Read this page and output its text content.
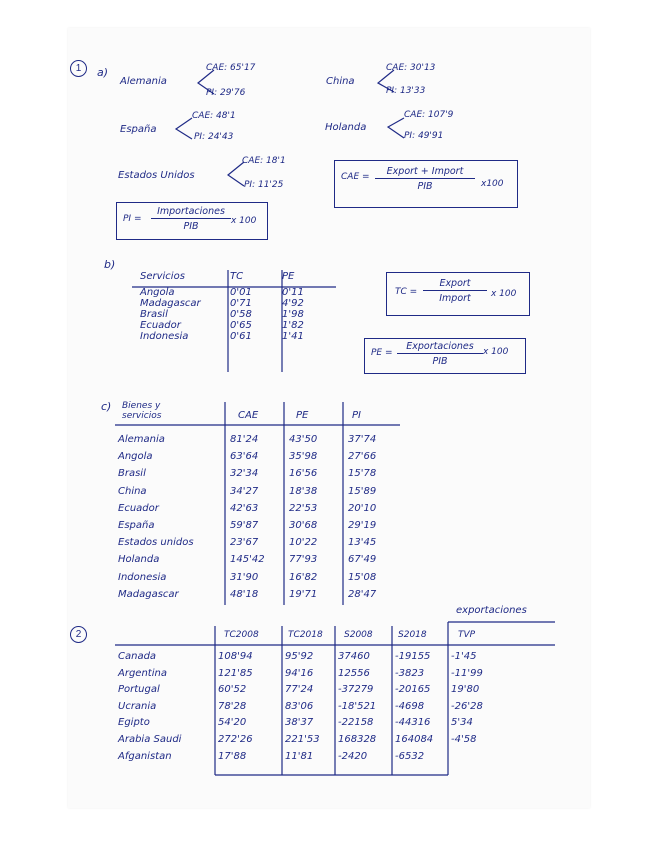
1
2
a)
Alemania
CAE: 65'17
PI: 29'76
China
CAE: 30'13
PI: 13'33
España
CAE: 48'1
PI: 24'43
Holanda
CAE: 107'9
PI: 49'91
Estados Unidos
CAE: 18'1
PI: 11'25
CAE =	Export + Import
PIB	x100
PI =
Importaciones
PIB	x 100
b)
Servicios	TC	PE

Angola	0'01	0'11
Madagascar	0'71	4'92
Brasil	0'58	1'98
Ecuador	0'65	1'82
Indonesia	0'61	1'41
TC =
Export
Import	x 100
PE =
Exportaciones
PIB
x 100
c) Bienes y servicios	CAE	PE	PI
Alemania	81'24	43'50	37'74
Angola	63'64	35'98	27'66
Brasil	32'34	16'56	15'78
China	34'27	18'38	15'89
Ecuador	42'63	22'53	20'10
España	59'87	30'68	29'19
Estados unidos	23'67	10'22	13'45
Holanda	145'42	77'93	67'49
Indonesia	31'90	16'82	15'08
Madagascar	48'18	19'71	28'47
exportaciones
TC2008	TC2018 S2008	S2018	TVP
Canada	108'94	95'92	37460	-19155	-1'45
Argentina	121'85	94'16	12556	-3823	-11'99
Portugal	60'52	77'24	-37279	-20165	19'80
Ucrania	78'28	83'06	-18'521	-4698	-26'28
Egipto	54'20	38'37	-22158	-44316	5'34
Arabia Saudi	272'26	221'53	168328	164084	-4'58
Afganistan	17'88	11'81	-2420	-6532	
